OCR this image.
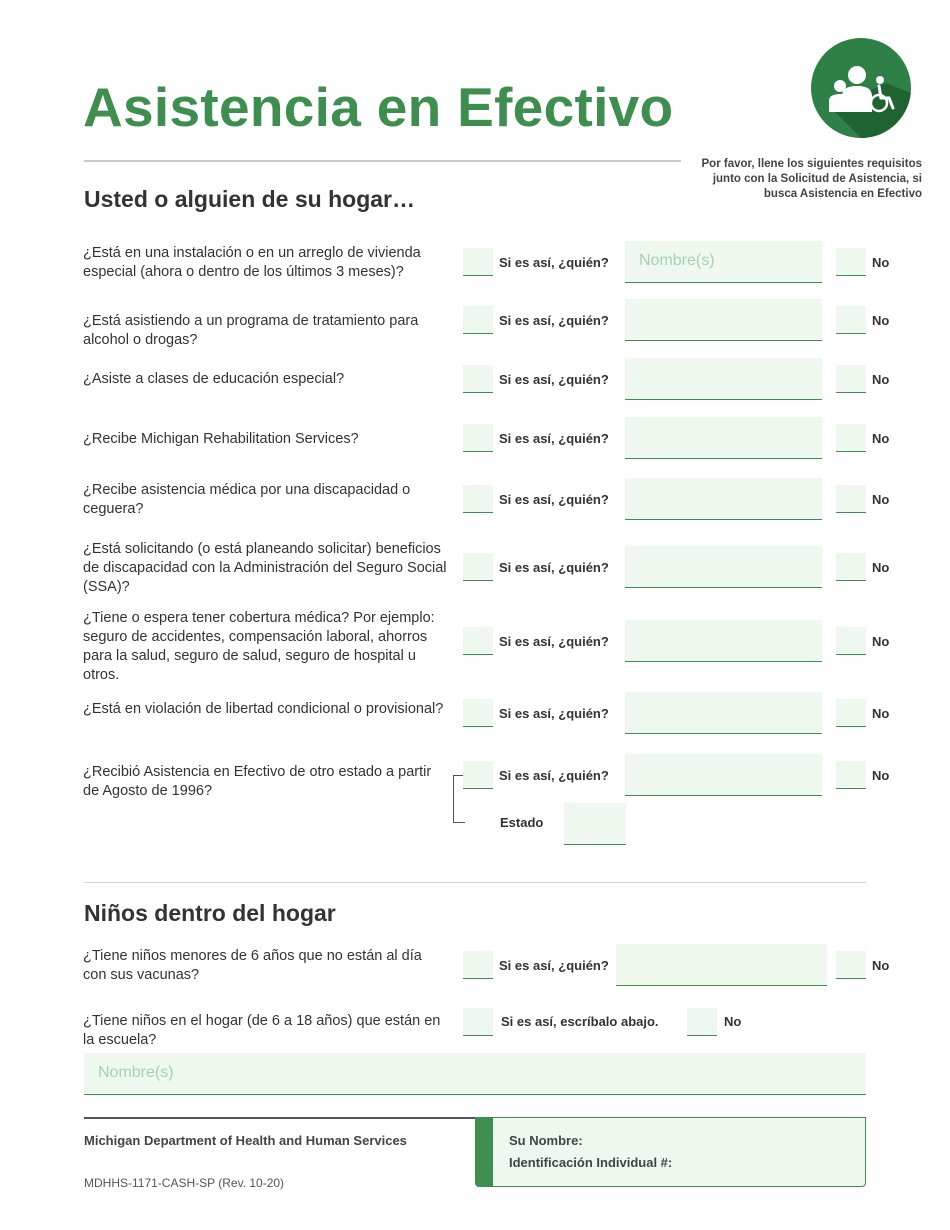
Asistencia en Efectivo
Por favor, llene los siguientes requisitos junto con la Solicitud de Asistencia, si busca Asistencia en Efectivo
Usted o alguien de su hogar…
¿Está en una instalación o en un arreglo de vivienda especial (ahora o dentro de los últimos 3 meses)?
Si es así, ¿quién?	Nombre(s)	No
¿Está asistiendo a un programa de tratamiento para alcohol o drogas?
Si es así, ¿quién?	No
¿Asiste a clases de educación especial?	Si es así, ¿quién?	No
¿Recibe Michigan Rehabilitation Services?	Si es así, ¿quién?	No
¿Recibe asistencia médica por una discapacidad o ceguera?
Si es así, ¿quién?	No
¿Está solicitando (o está planeando solicitar) beneficios de discapacidad con la Administración del Seguro Social (SSA)?
Si es así, ¿quién?	No
¿Tiene o espera tener cobertura médica? Por ejemplo: seguro de accidentes, compensación laboral, ahorros para la salud, seguro de salud, seguro de hospital u otros.
Si es así, ¿quién?	No
¿Está en violación de libertad condicional o provisional?	Si es así, ¿quién?	No
¿Recibió Asistencia en Efectivo de otro estado a partir de Agosto de 1996?
Si es así, ¿quién?	No
Estado
Niños dentro del hogar
¿Tiene niños menores de 6 años que no están al día con sus vacunas?
Si es así, ¿quién?	No
¿Tiene niños en el hogar (de 6 a 18 años) que están en la escuela?
Si es así, escríbalo abajo.	No
Nombre(s)
Michigan Department of Health and Human Services
MDHHS-1171-CASH-SP (Rev. 10-20)
Su Nombre:
Identificación Individual #:
